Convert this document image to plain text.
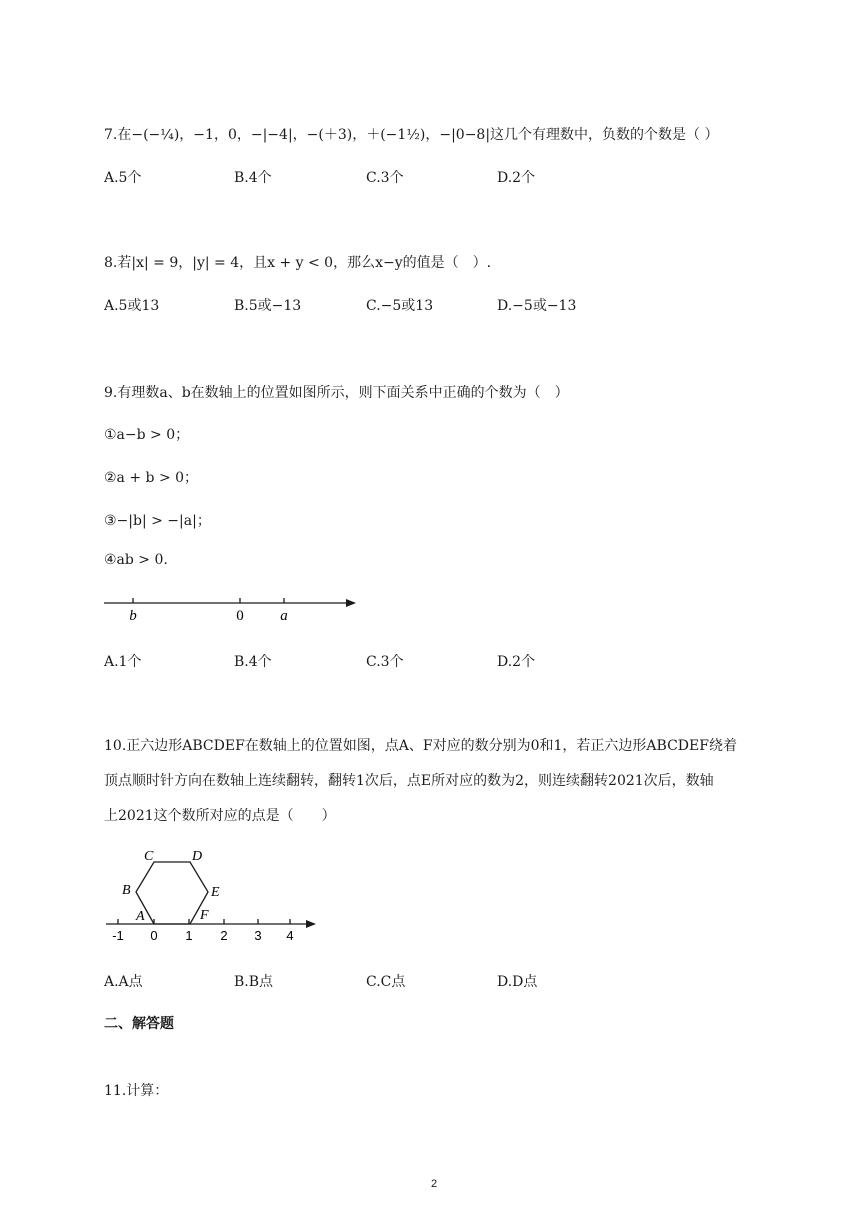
7.在−(−¼)，−1，0，−|−4|，−(＋3)，＋(−1½)，−|0−8|这几个有理数中，负数的个数是（ ）
A.5个	B.4个	C.3个	D.2个
8.若|x| = 9，|y| = 4，且x + y < 0，那么x−y的值是（　）.
A.5或13	B.5或−13	C.−5或13	D.−5或−13
9.有理数a、b在数轴上的位置如图所示，则下面关系中正确的个数为（　）
①a−b > 0；
②a + b > 0；
③−|b| > −|a|；
④ab > 0.
b	0 a
A.1个	B.4个	C.3个	D.2个
10.正六边形ABCDEF在数轴上的位置如图，点A、F对应的数分别为0和1，若正六边形ABCDEF绕着
顶点顺时针方向在数轴上连续翻转，翻转1次后，点E所对应的数为2，则连续翻转2021次后，数轴
上2021这个数所对应的点是（　　）
A
B
C	D
E
F
-1 0 1 2 3 4
A.A点	B.B点	C.C点	D.D点
二、解答题
11.计算：
2
